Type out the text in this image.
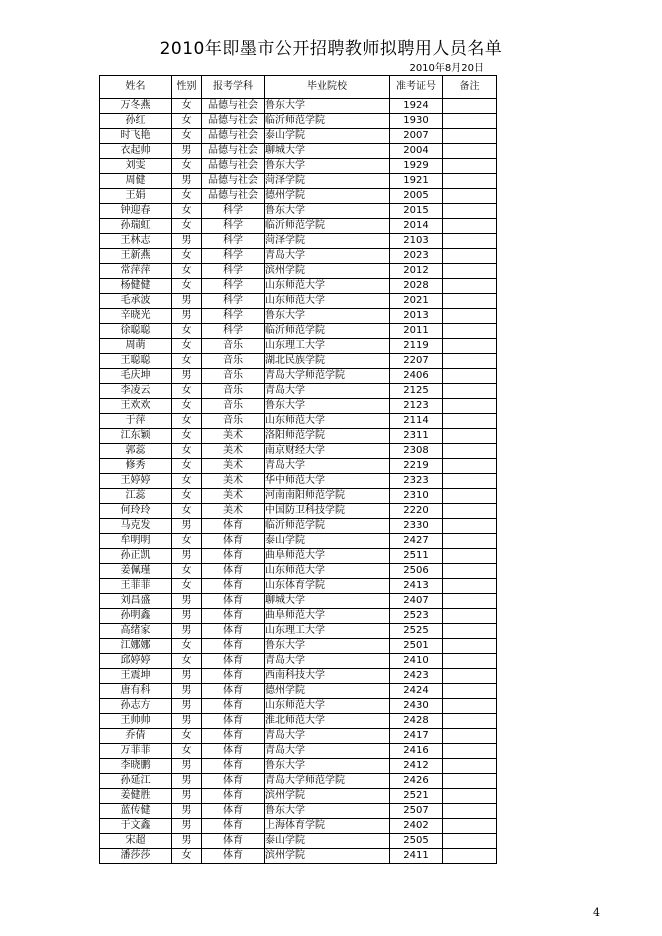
2010年即墨市公开招聘教师拟聘用人员名单
2010年8月20日
姓名	性别	报考学科	毕业院校	准考证号	备注
万冬燕	女	品德与社会	鲁东大学	1924	
孙红	女	品德与社会	临沂师范学院	1930	
时飞艳	女	品德与社会	泰山学院	2007	
衣起帅	男	品德与社会	聊城大学	2004	
刘雯	女	品德与社会	鲁东大学	1929	
周健	男	品德与社会	菏泽学院	1921	
王娟	女	品德与社会	德州学院	2005	
钟迎春	女	科学	鲁东大学	2015	
孙瑞虹	女	科学	临沂师范学院	2014	
王林志	男	科学	菏泽学院	2103	
王新燕	女	科学	青岛大学	2023	
常萍萍	女	科学	滨州学院	2012	
杨健健	女	科学	山东师范大学	2028	
毛承波	男	科学	山东师范大学	2021	
辛晓光	男	科学	鲁东大学	2013	
徐聪聪	女	科学	临沂师范学院	2011	
周萌	女	音乐	山东理工大学	2119	
王聪聪	女	音乐	湖北民族学院	2207	
毛庆坤	男	音乐	青岛大学师范学院	2406	
李凌云	女	音乐	青岛大学	2125	
王欢欢	女	音乐	鲁东大学	2123	
于萍	女	音乐	山东师范大学	2114	
江东颖	女	美术	洛阳师范学院	2311	
郭蕊	女	美术	南京财经大学	2308	
修秀	女	美术	青岛大学	2219	
王婷婷	女	美术	华中师范大学	2323	
江蕊	女	美术	河南南阳师范学院	2310	
何玲玲	女	美术	中国防卫科技学院	2220	
马克发	男	体育	临沂师范学院	2330	
牟明明	女	体育	泰山学院	2427	
孙正凯	男	体育	曲阜师范大学	2511	
姜佩瑾	女	体育	山东师范大学	2506	
王菲菲	女	体育	山东体育学院	2413	
刘昌盛	男	体育	聊城大学	2407	
孙明鑫	男	体育	曲阜师范大学	2523	
高绪家	男	体育	山东理工大学	2525	
江娜娜	女	体育	鲁东大学	2501	
邱婷婷	女	体育	青岛大学	2410	
王震坤	男	体育	西南科技大学	2423	
唐有科	男	体育	德州学院	2424	
孙志方	男	体育	山东师范大学	2430	
王帅帅	男	体育	淮北师范大学	2428	
乔倩	女	体育	青岛大学	2417	
万菲菲	女	体育	青岛大学	2416	
李晓鹏	男	体育	鲁东大学	2412	
孙延江	男	体育	青岛大学师范学院	2426	
姜健胜	男	体育	滨州学院	2521	
蓝传健	男	体育	鲁东大学	2507	
于文鑫	男	体育	上海体育学院	2402	
宋超	男	体育	泰山学院	2505	
潘莎莎	女	体育	滨州学院	2411	
4
